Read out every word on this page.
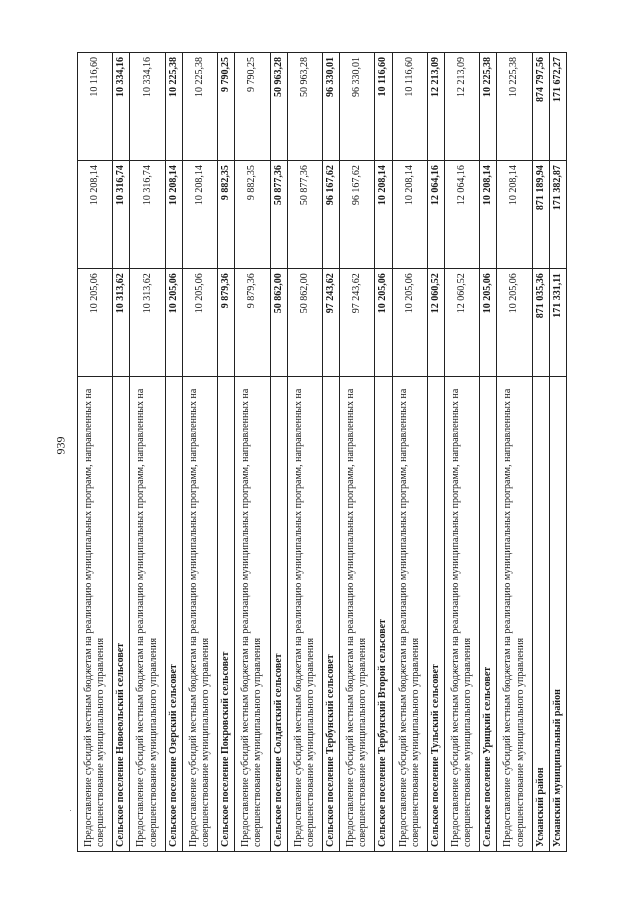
939 Предоставление субсидий местным бюджетам на реализацию муниципальных программ, направленных на совершенствование муниципального управления	10 205,06	10 208,14	10 116,60
Сельское поселение Новоеольский сельсовет	10 313,62	10 316,74	10 334,16
Предоставление субсидий местным бюджетам на реализацию муниципальных программ, направленных на совершенствование муниципального управления	10 313,62	10 316,74	10 334,16
Сельское поселение Озерский сельсовет	10 205,06	10 208,14	10 225,38
Предоставление субсидий местным бюджетам на реализацию муниципальных программ, направленных на совершенствование муниципального управления	10 205,06	10 208,14	10 225,38
Сельское поселение Покровский сельсовет	9 879,36	9 882,35	9 790,25
Предоставление субсидий местным бюджетам на реализацию муниципальных программ, направленных на совершенствование муниципального управления	9 879,36	9 882,35	9 790,25
Сельское поселение Солдатский сельсовет	50 862,00	50 877,36	50 963,28
Предоставление субсидий местным бюджетам на реализацию муниципальных программ, направленных на совершенствование муниципального управления	50 862,00	50 877,36	50 963,28
Сельское поселение Тербунский сельсовет	97 243,62	96 167,62	96 330,01
Предоставление субсидий местным бюджетам на реализацию муниципальных программ, направленных на совершенствование муниципального управления	97 243,62	96 167,62	96 330,01
Сельское поселение Тербунский Второй сельсовет	10 205,06	10 208,14	10 116,60
Предоставление субсидий местным бюджетам на реализацию муниципальных программ, направленных на совершенствование муниципального управления	10 205,06	10 208,14	10 116,60
Сельское поселение Тульский сельсовет	12 060,52	12 064,16	12 213,09
Предоставление субсидий местным бюджетам на реализацию муниципальных программ, направленных на совершенствование муниципального управления	12 060,52	12 064,16	12 213,09
Сельское поселение Урицкий сельсовет	10 205,06	10 208,14	10 225,38
Предоставление субсидий местным бюджетам на реализацию муниципальных программ, направленных на совершенствование муниципального управления	10 205,06	10 208,14	10 225,38
Усманский район	871 035,36	871 189,94	874 797,56
Усманский муниципальный район	171 331,11	171 382,87	171 672,27
